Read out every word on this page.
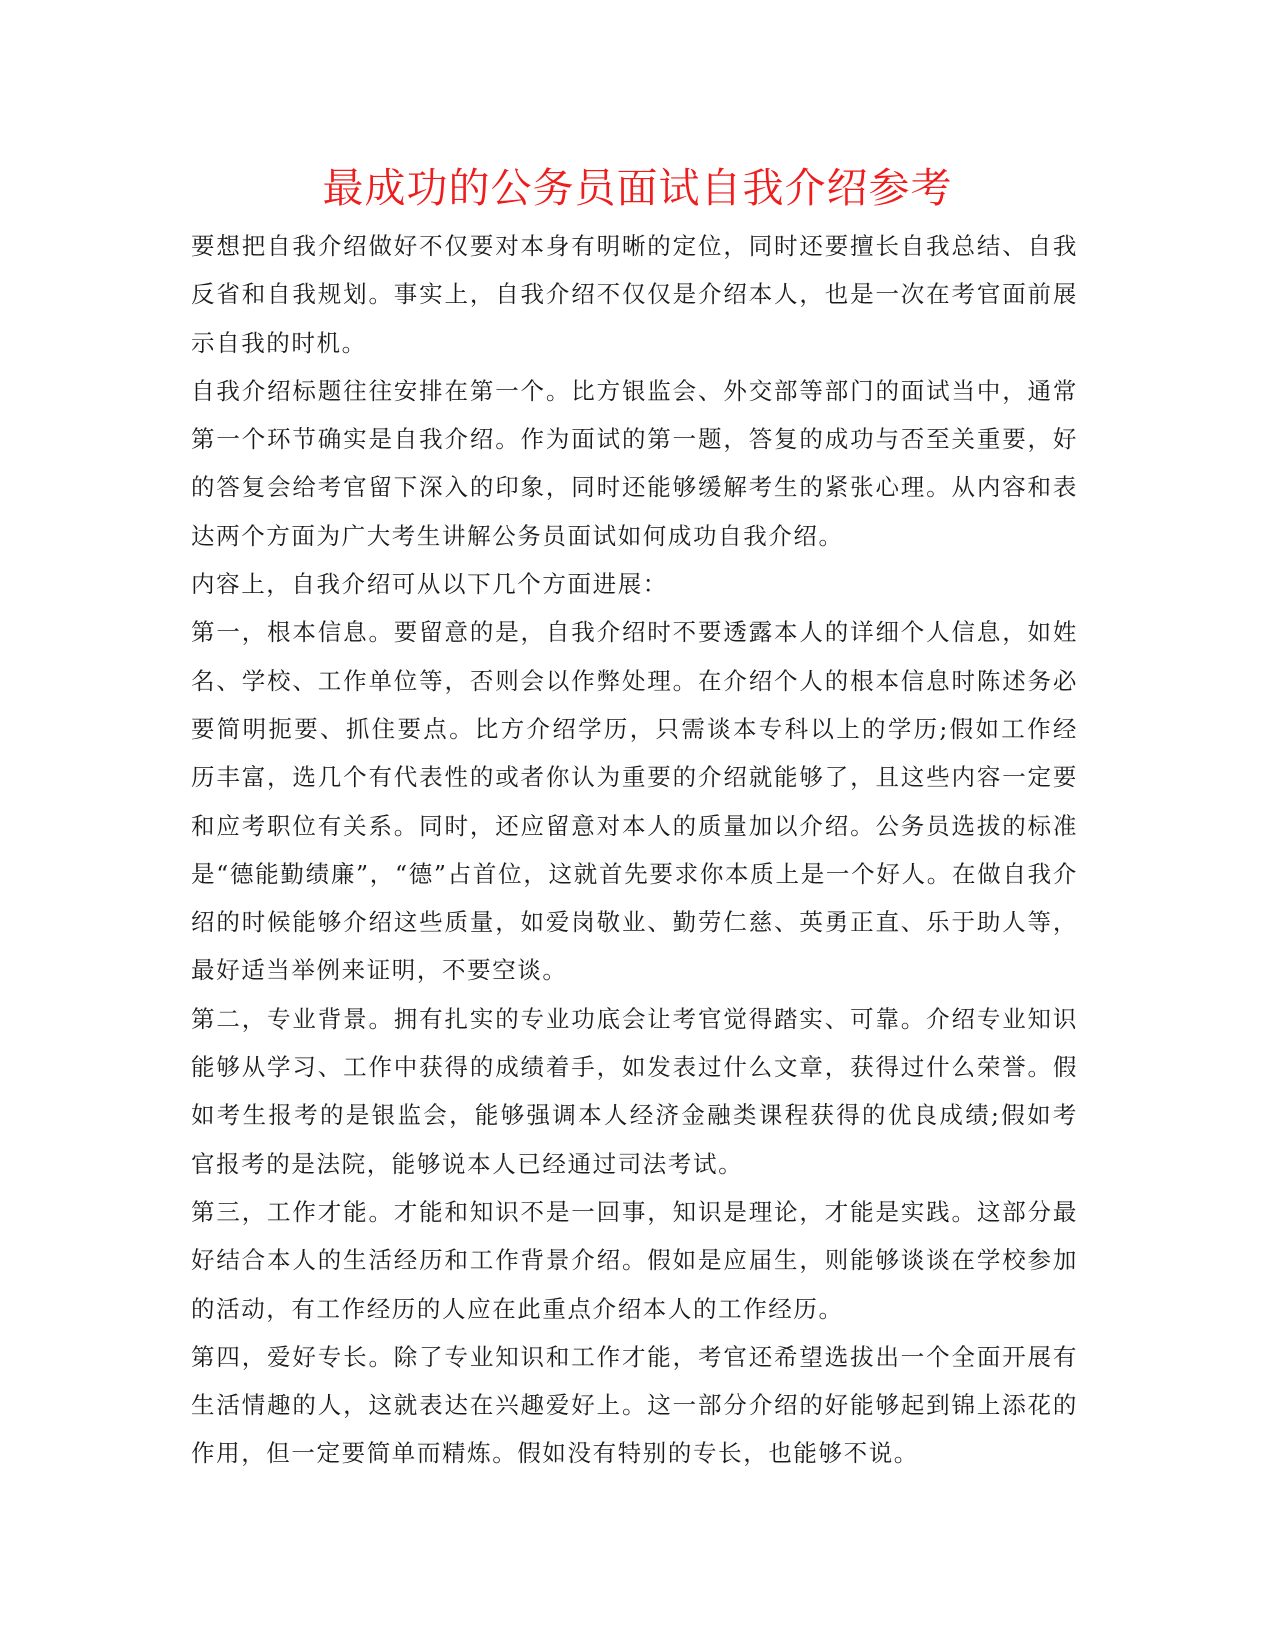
最成功的公务员面试自我介绍参考

要想把自我介绍做好不仅要对本身有明晰的定位，同时还要擅长自我总结、自我反省和自我规划。事实上，自我介绍不仅仅是介绍本人，也是一次在考官面前展示自我的时机。

自我介绍标题往往安排在第一个。比方银监会、外交部等部门的面试当中，通常第一个环节确实是自我介绍。作为面试的第一题，答复的成功与否至关重要，好的答复会给考官留下深入的印象，同时还能够缓解考生的紧张心理。从内容和表达两个方面为广大考生讲解公务员面试如何成功自我介绍。

内容上，自我介绍可从以下几个方面进展：

第一，根本信息。要留意的是，自我介绍时不要透露本人的详细个人信息，如姓名、学校、工作单位等，否则会以作弊处理。在介绍个人的根本信息时陈述务必要简明扼要、抓住要点。比方介绍学历，只需谈本专科以上的学历;假如工作经历丰富，选几个有代表性的或者你认为重要的介绍就能够了，且这些内容一定要和应考职位有关系。同时，还应留意对本人的质量加以介绍。公务员选拔的标准是“德能勤绩廉”，“德”占首位，这就首先要求你本质上是一个好人。在做自我介绍的时候能够介绍这些质量，如爱岗敬业、勤劳仁慈、英勇正直、乐于助人等，最好适当举例来证明，不要空谈。

第二，专业背景。拥有扎实的专业功底会让考官觉得踏实、可靠。介绍专业知识能够从学习、工作中获得的成绩着手，如发表过什么文章，获得过什么荣誉。假如考生报考的是银监会，能够强调本人经济金融类课程获得的优良成绩;假如考官报考的是法院，能够说本人已经通过司法考试。

第三，工作才能。才能和知识不是一回事，知识是理论，才能是实践。这部分最好结合本人的生活经历和工作背景介绍。假如是应届生，则能够谈谈在学校参加的活动，有工作经历的人应在此重点介绍本人的工作经历。

第四，爱好专长。除了专业知识和工作才能，考官还希望选拔出一个全面开展有生活情趣的人，这就表达在兴趣爱好上。这一部分介绍的好能够起到锦上添花的作用，但一定要简单而精炼。假如没有特别的专长，也能够不说。
